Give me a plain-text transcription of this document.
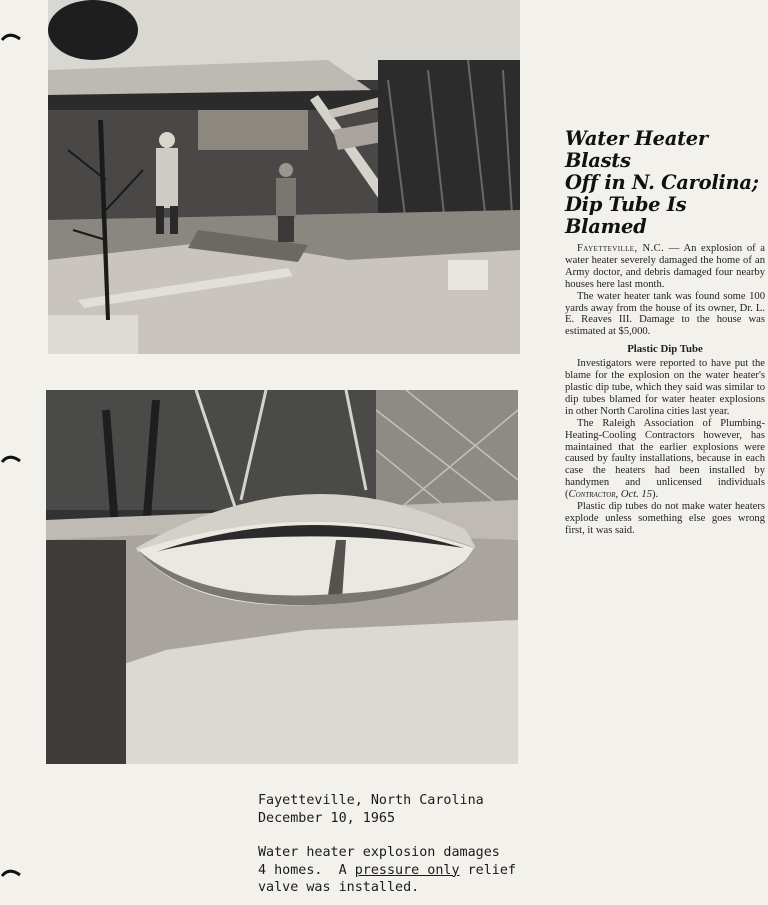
Water Heater Blasts
Off in N. Carolina;
Dip Tube Is Blamed

Fayetteville, N.C. — An explosion of a water heater severely damaged the home of an Army doctor, and debris damaged four nearby houses here last month.

The water heater tank was found some 100 yards away from the house of its owner, Dr. L. E. Reaves III. Damage to the house was estimated at $5,000.

Plastic Dip Tube

Investigators were reported to have put the blame for the explosion on the water heater's plastic dip tube, which they said was similar to dip tubes blamed for water heater explosions in other North Carolina cities last year.

The Raleigh Association of Plumbing-Heating-Cooling Contractors however, has maintained that the earlier explosions were caused by faulty installations, because in each case the heaters had been installed by handymen and unlicensed individuals (Contractor, Oct. 15).

Plastic dip tubes do not make water heaters explode unless something else goes wrong first, it was said.

Fayetteville, North Carolina

December 10, 1965

Water heater explosion damages

4 homes.  A pressure only relief

valve was installed.
